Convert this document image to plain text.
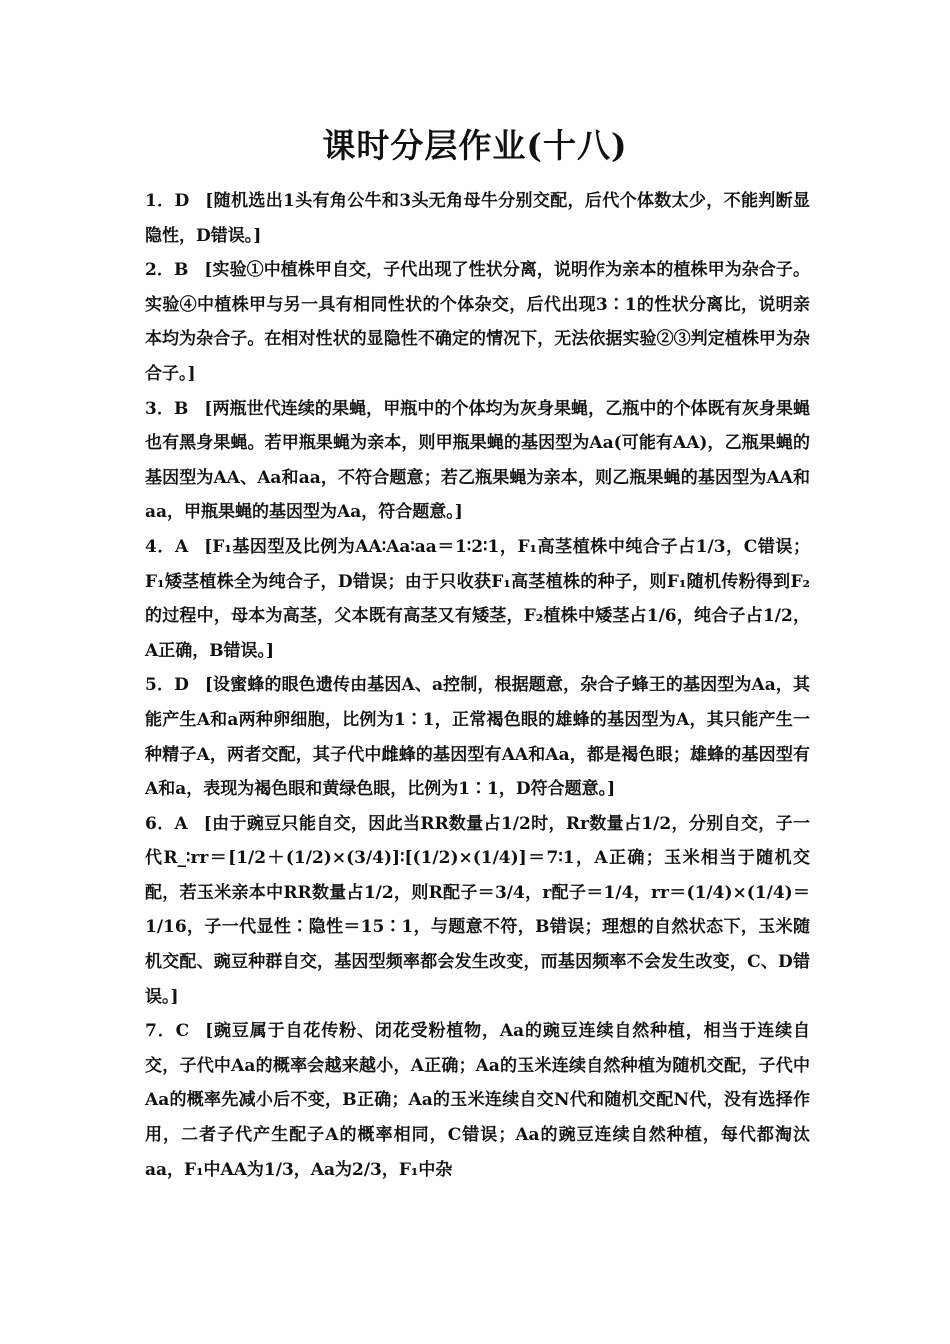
课时分层作业(十八)

1．D [随机选出1头有角公牛和3头无角母牛分别交配，后代个体数太少，不能判断显隐性，D错误。]

2．B [实验①中植株甲自交，子代出现了性状分离，说明作为亲本的植株甲为杂合子。实验④中植株甲与另一具有相同性状的个体杂交，后代出现3∶1的性状分离比，说明亲本均为杂合子。在相对性状的显隐性不确定的情况下，无法依据实验②③判定植株甲为杂合子。]

3．B [两瓶世代连续的果蝇，甲瓶中的个体均为灰身果蝇，乙瓶中的个体既有灰身果蝇也有黑身果蝇。若甲瓶果蝇为亲本，则甲瓶果蝇的基因型为Aa(可能有AA)，乙瓶果蝇的基因型为AA、Aa和aa，不符合题意；若乙瓶果蝇为亲本，则乙瓶果蝇的基因型为AA和aa，甲瓶果蝇的基因型为Aa，符合题意。]

4．A [F₁基因型及比例为AA∶Aa∶aa＝1∶2∶1，F₁高茎植株中纯合子占1/3，C错误；F₁矮茎植株全为纯合子，D错误；由于只收获F₁高茎植株的种子，则F₁随机传粉得到F₂的过程中，母本为高茎，父本既有高茎又有矮茎，F₂植株中矮茎占1/6，纯合子占1/2，A正确，B错误。]

5．D [设蜜蜂的眼色遗传由基因A、a控制，根据题意，杂合子蜂王的基因型为Aa，其能产生A和a两种卵细胞，比例为1∶1，正常褐色眼的雄蜂的基因型为A，其只能产生一种精子A，两者交配，其子代中雌蜂的基因型有AA和Aa，都是褐色眼；雄蜂的基因型有A和a，表现为褐色眼和黄绿色眼，比例为1∶1，D符合题意。]

6．A [由于豌豆只能自交，因此当RR数量占1/2时，Rr数量占1/2，分别自交，子一代R_∶rr＝[1/2＋(1/2)×(3/4)]∶[(1/2)×(1/4)]＝7∶1，A正确；玉米相当于随机交配，若玉米亲本中RR数量占1/2，则R配子＝3/4，r配子＝1/4，rr＝(1/4)×(1/4)＝1/16，子一代显性∶隐性＝15∶1，与题意不符，B错误；理想的自然状态下，玉米随机交配、豌豆种群自交，基因型频率都会发生改变，而基因频率不会发生改变，C、D错误。]

7．C [豌豆属于自花传粉、闭花受粉植物，Aa的豌豆连续自然种植，相当于连续自交，子代中Aa的概率会越来越小，A正确；Aa的玉米连续自然种植为随机交配，子代中Aa的概率先减小后不变，B正确；Aa的玉米连续自交N代和随机交配N代，没有选择作用，二者子代产生配子A的概率相同，C错误；Aa的豌豆连续自然种植，每代都淘汰aa，F₁中AA为1/3，Aa为2/3，F₁中杂
